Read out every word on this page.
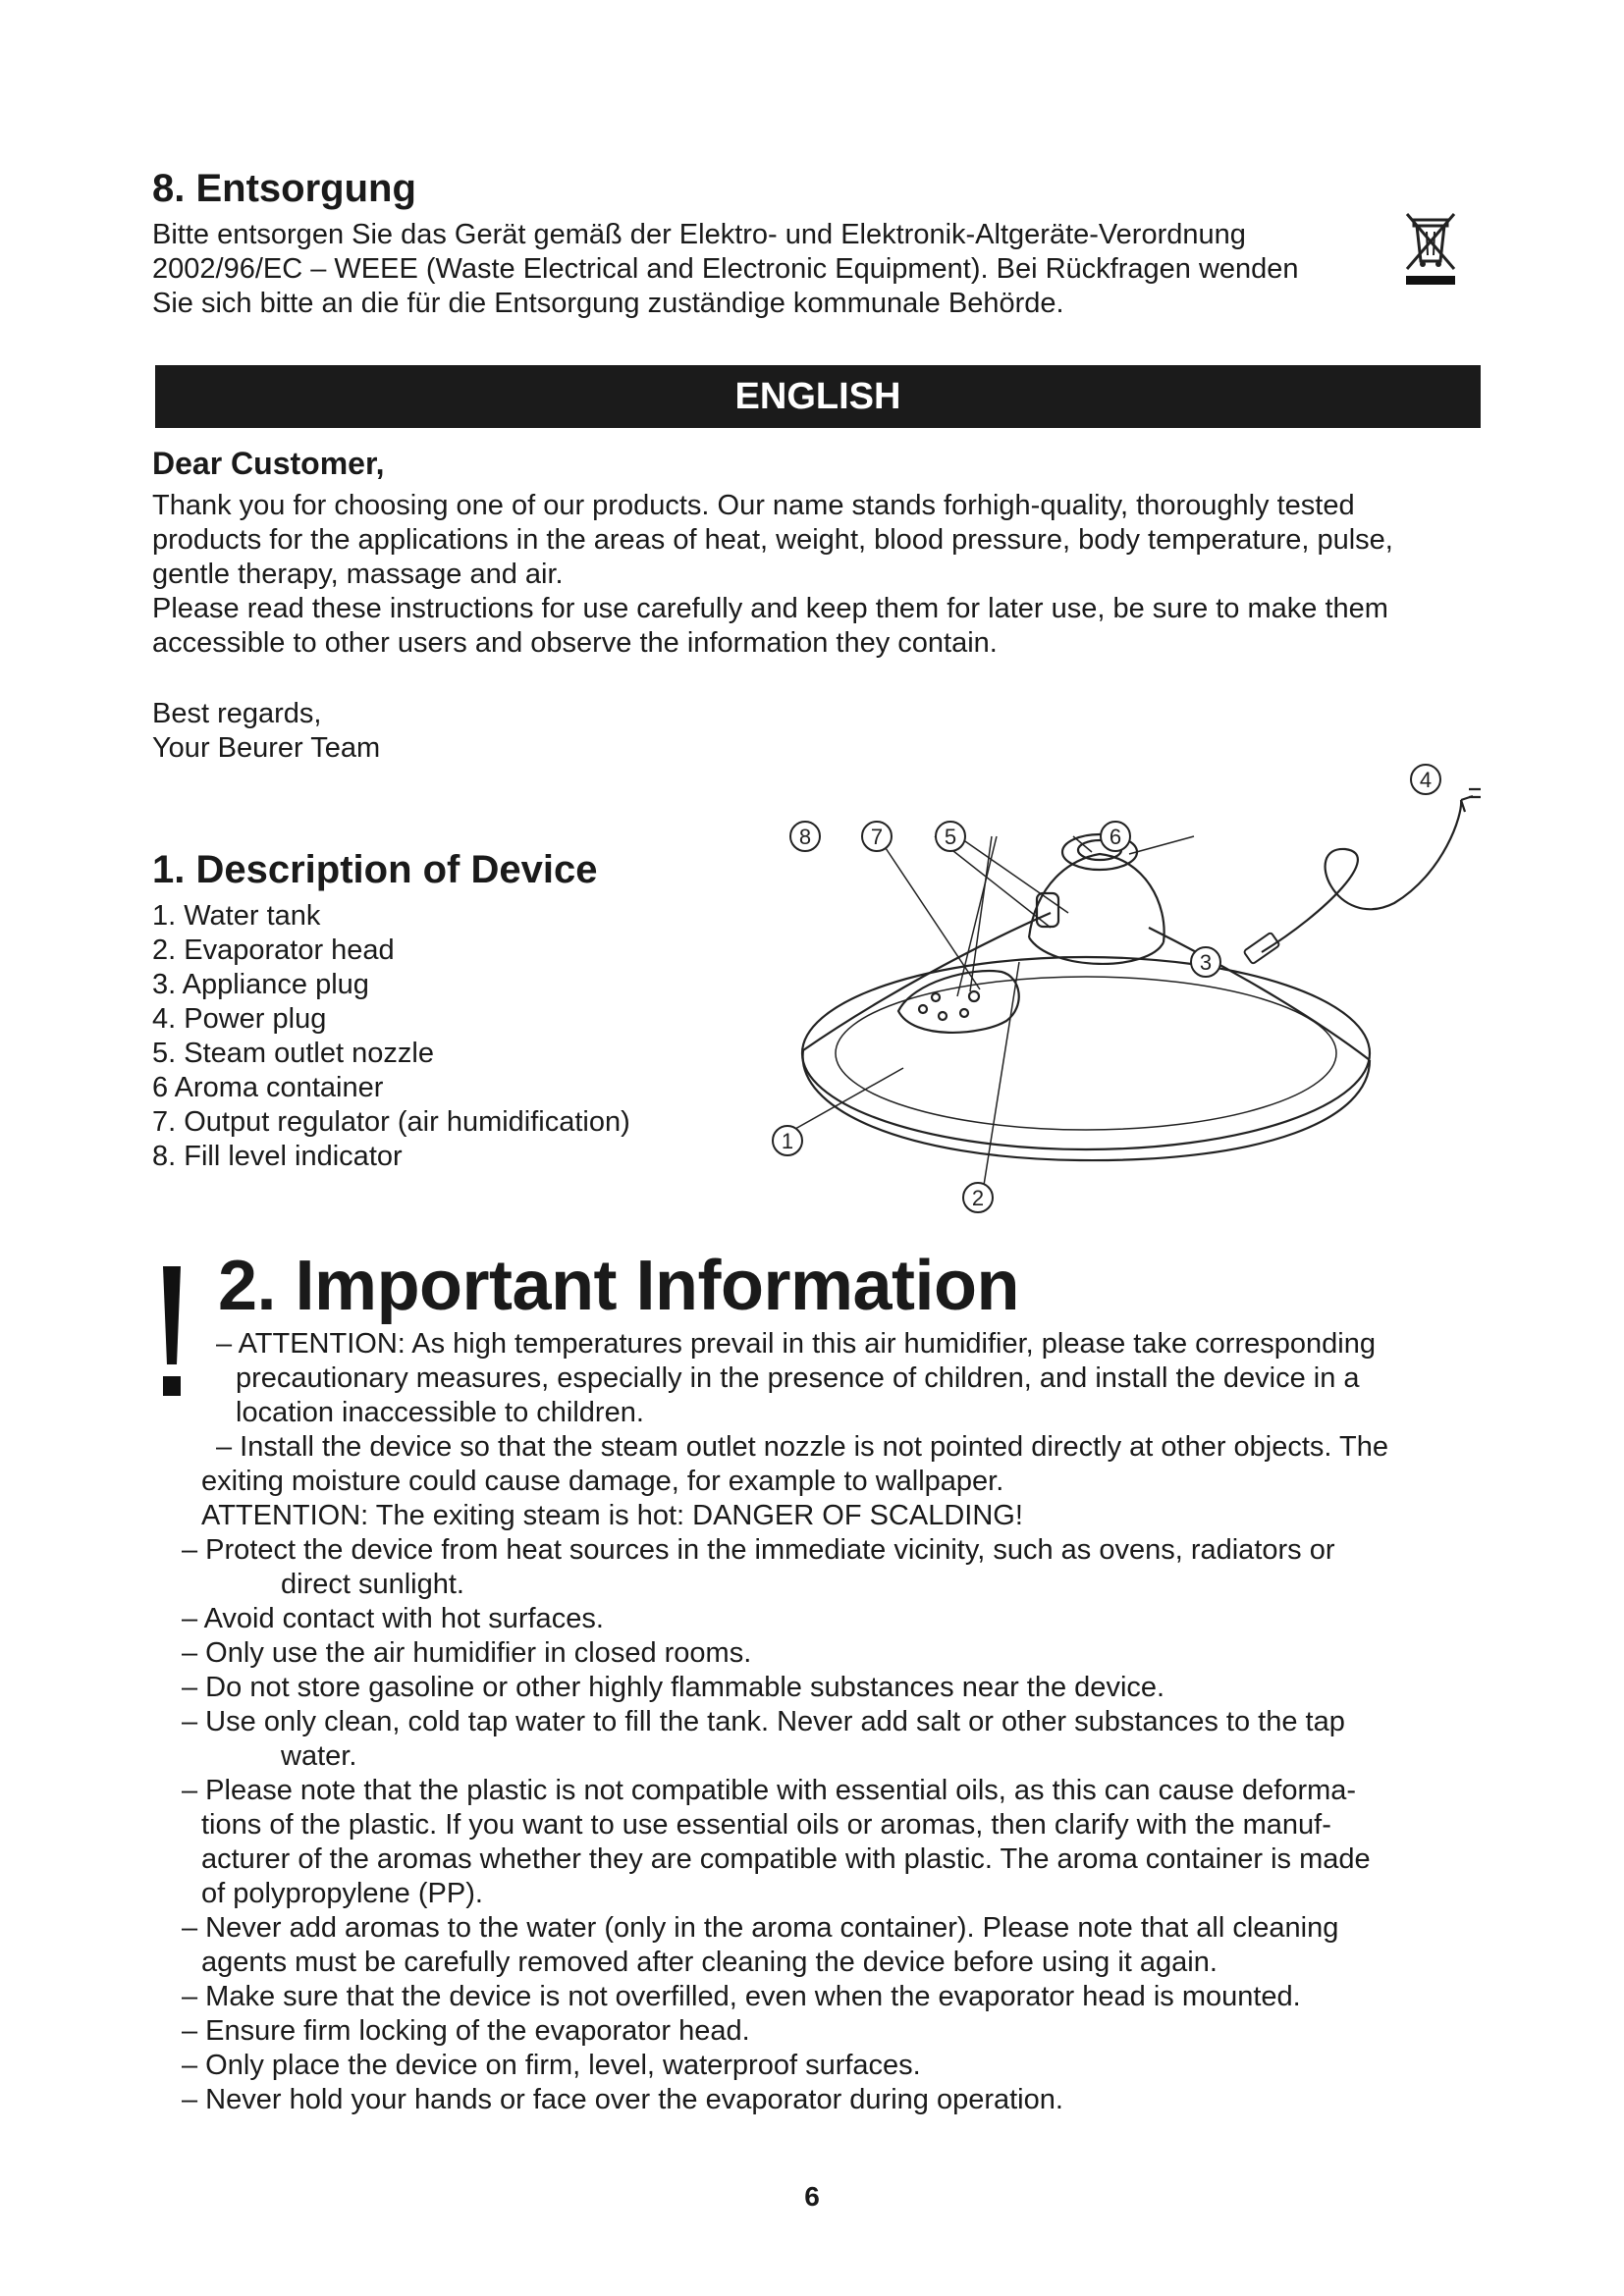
8. Entsorgung
Bitte entsorgen Sie das Gerät gemäß der Elektro- und Elektronik-Altgeräte-Verordnung
2002/96/EC – WEEE (Waste Electrical and Electronic Equipment). Bei Rückfragen wenden
Sie sich bitte an die für die Entsorgung zuständige kommunale Behörde.
ENGLISH
Dear Customer,
Thank you for choosing one of our products. Our name stands forhigh-quality, thoroughly tested
products for the applications in the areas of heat, weight, blood pressure, body temperature, pulse,
gentle therapy, massage and air.
Please read these instructions for use carefully and keep them for later use, be sure to make them
accessible to other users and observe the information they contain.
Best regards,
Your Beurer Team
1. Description of Device
1. Water tank
2. Evaporator head
3. Appliance plug
4. Power plug
5. Steam outlet nozzle
6 Aroma container
7. Output regulator (air humidification)
8. Fill level indicator
8	7	5	6
4
3
1
2
2. Important Information
– ATTENTION: As high temperatures prevail in this air humidifier, please take corresponding
precautionary measures, especially in the presence of children, and install the device in a
location inaccessible to children.
– Install the device so that the steam outlet nozzle is not pointed directly at other objects. The
exiting moisture could cause damage, for example to wallpaper.
ATTENTION: The exiting steam is hot: DANGER OF SCALDING!
– Protect the device from heat sources in the immediate vicinity, such as ovens, radiators or
direct sunlight.
– Avoid contact with hot surfaces.
– Only use the air humidifier in closed rooms.
– Do not store gasoline or other highly flammable substances near the device.
– Use only clean, cold tap water to fill the tank. Never add salt or other substances to the tap
water.
– Please note that the plastic is not compatible with essential oils, as this can cause deforma-
tions of the plastic. If you want to use essential oils or aromas, then clarify with the manuf-
acturer of the aromas whether they are compatible with plastic. The aroma container is made
of polypropylene (PP).
– Never add aromas to the water (only in the aroma container). Please note that all cleaning
agents must be carefully removed after cleaning the device before using it again.
– Make sure that the device is not overfilled, even when the evaporator head is mounted.
– Ensure firm locking of the evaporator head.
– Only place the device on firm, level, waterproof surfaces.
– Never hold your hands or face over the evaporator during operation.
6
